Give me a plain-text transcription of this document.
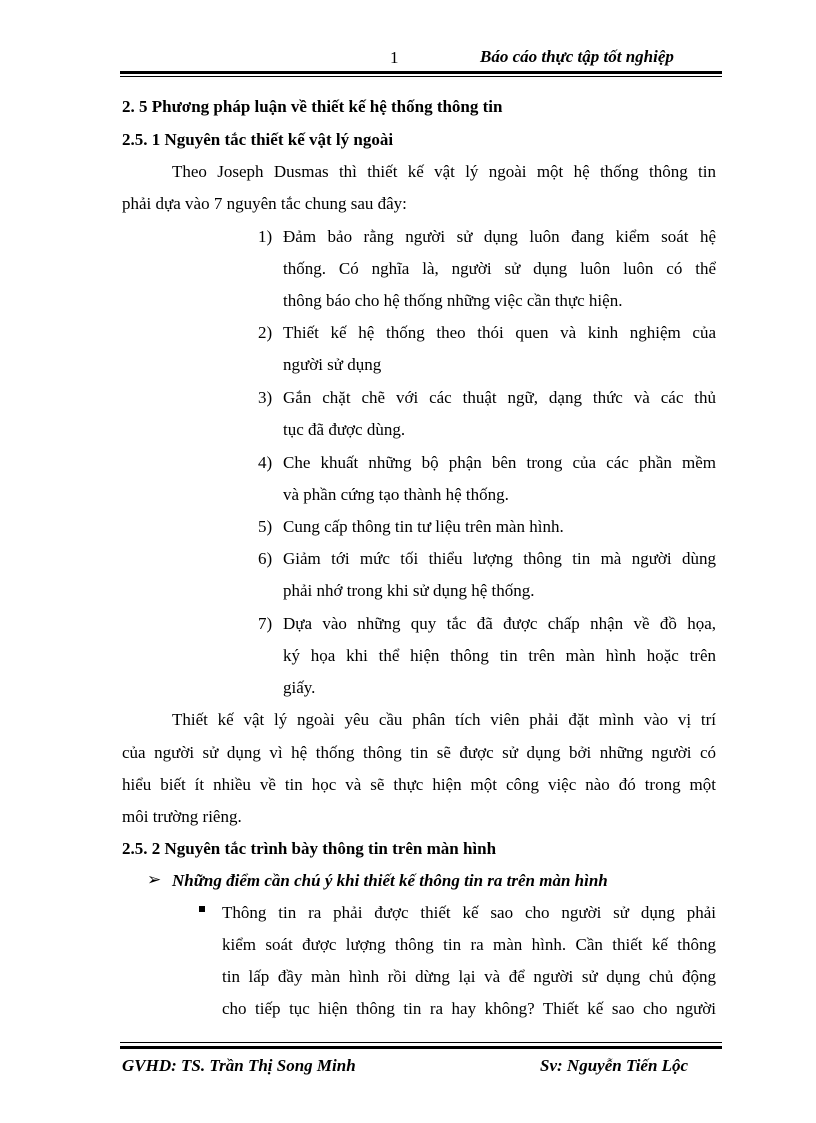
1	Báo cáo thực tập tốt nghiệp
2. 5 Phương pháp luận về thiết kế hệ thống thông tin
2.5. 1 Nguyên tắc thiết kế vật lý ngoài
Theo Joseph Dusmas thì thiết kế vật lý ngoài một hệ thống thông tin
phải dựa vào 7 nguyên tắc chung sau đây:
1) Đảm bảo rằng người sử dụng luôn đang kiểm soát hệ
thống. Có nghĩa là, người sử dụng luôn luôn có thể
thông báo cho hệ thống những việc cần thực hiện.
2) Thiết kế hệ thống theo thói quen và kinh nghiệm của
người sử dụng
3) Gắn chặt chẽ với các thuật ngữ, dạng thức và các thủ
tục đã được dùng.
4) Che khuất những bộ phận bên trong của các phần mềm
và phần cứng tạo thành hệ thống.
5) Cung cấp thông tin tư liệu trên màn hình.
6) Giảm tới mức tối thiểu lượng thông tin mà người dùng
phải nhớ trong khi sử dụng hệ thống.
7) Dựa vào những quy tắc đã được chấp nhận về đồ họa,
ký họa khi thể hiện thông tin trên màn hình hoặc trên
giấy.
Thiết kế vật lý ngoài yêu cầu phân tích viên phải đặt mình vào vị trí
của người sử dụng vì hệ thống thông tin sẽ được sử dụng bởi những người có
hiểu biết ít nhiều về tin học và sẽ thực hiện một công việc nào đó trong một
môi trường riêng.
2.5. 2 Nguyên tắc trình bày thông tin trên màn hình
➢ Những điểm cần chú ý khi thiết kế thông tin ra trên màn hình
Thông tin ra phải được thiết kế sao cho người sử dụng phải
kiểm soát được lượng thông tin ra màn hình. Cần thiết kế thông
tin lấp đầy màn hình rồi dừng lại và để người sử dụng chủ động
cho tiếp tục hiện thông tin ra hay không? Thiết kế sao cho người
GVHD: TS. Trần Thị Song Minh	Sv: Nguyễn Tiến Lộc
